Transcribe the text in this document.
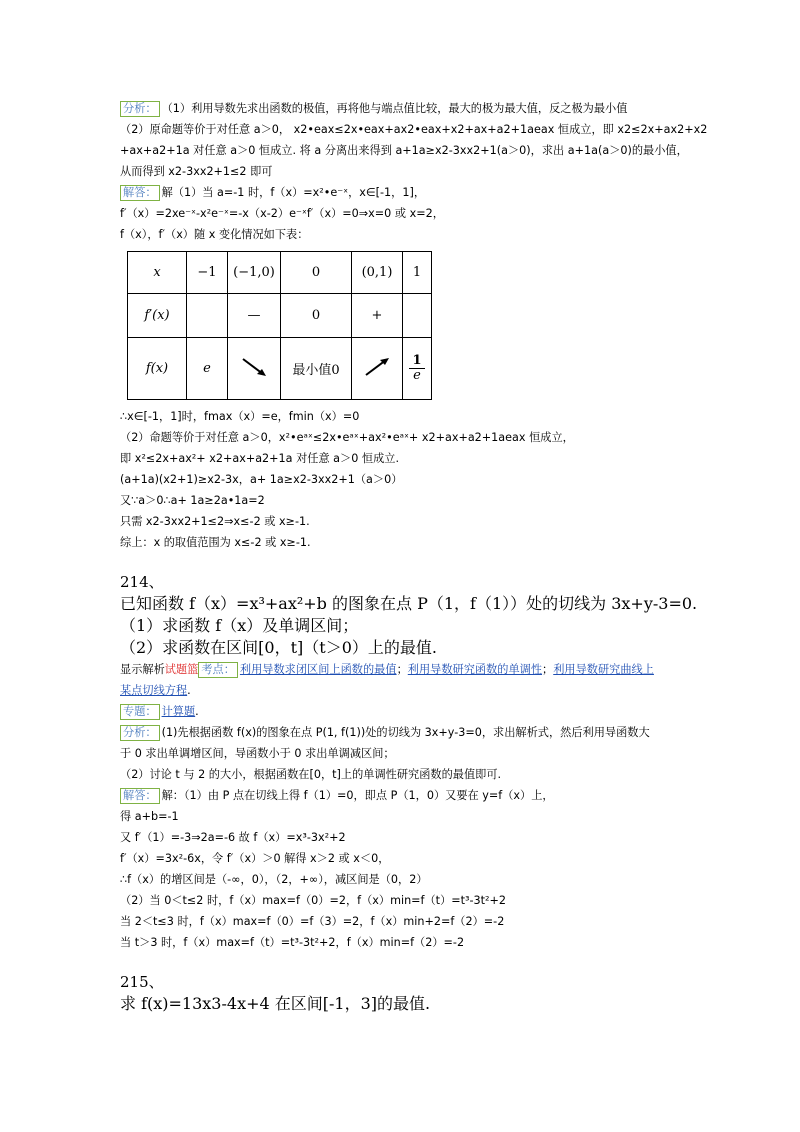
分析： （1）利用导数先求出函数的极值，再将他与端点值比较，最大的极为最大值，反之极为最小值
（2）原命题等价于对任意 a＞0， x2•eax≤2x•eax+ax2•eax+x2+ax+a2+1aeax 恒成立，即 x2≤2x+ax2+x2
+ax+a2+1a 对任意 a＞0 恒成立. 将 a 分离出来得到 a+1a≥x2-3xx2+1(a＞0)，求出 a+1a(a＞0)的最小值，
从而得到 x2-3xx2+1≤2 即可
解答： 解（1）当 a=-1 时，f（x）=x²•e⁻ˣ，x∈[-1，1]，
f′（x）=2xe⁻ˣ-x²e⁻ˣ=-x（x-2）e⁻ˣf′（x）=0⇒x=0 或 x=2，
f（x），f′（x）随 x 变化情况如下表：
x	−1	(−1,0)	0	(0,1)	1
f′(x)		—	0	+	
f(x)	e		最小值0		$\frac{1}{e}$
∴x∈[-1，1]时，fmax（x）=e，fmin（x）=0
（2）命题等价于对任意 a＞0，x²•eᵃˣ≤2x•eᵃˣ+ax²•eᵃˣ+ x2+ax+a2+1aeax 恒成立，
即 x²≤2x+ax²+ x2+ax+a2+1a 对任意 a＞0 恒成立.
(a+1a)(x2+1)≥x2-3x，a+ 1a≥x2-3xx2+1（a＞0）
又∵a＞0∴a+ 1a≥2a•1a=2
只需 x2-3xx2+1≤2⇒x≤-2 或 x≥-1.
综上：x 的取值范围为 x≤-2 或 x≥-1.
214、
已知函数 f（x）=x³+ax²+b 的图象在点 P（1，f（1））处的切线为 3x+y-3=0.
（1）求函数 f（x）及单调区间；
（2）求函数在区间[0，t]（t＞0）上的最值.
显示解析试题篮 考点： 利用导数求闭区间上函数的最值；利用导数研究函数的单调性；利用导数研究曲线上
某点切线方程.
专题： 计算题.
分析： (1)先根据函数 f(x)的图象在点 P(1, f(1))处的切线为 3x+y-3=0，求出解析式，然后利用导函数大
于 0 求出单调增区间，导函数小于 0 求出单调减区间；
（2）讨论 t 与 2 的大小，根据函数在[0，t]上的单调性研究函数的最值即可.
解答： 解：（1）由 P 点在切线上得 f（1）=0，即点 P（1，0）又要在 y=f（x）上，
得 a+b=-1
又 f′（1）=-3⇒2a=-6 故 f（x）=x³-3x²+2
f′（x）=3x²-6x，令 f′（x）＞0 解得 x＞2 或 x＜0，
∴f（x）的增区间是（-∞，0），（2，+∞），减区间是（0，2）
（2）当 0＜t≤2 时，f（x）max=f（0）=2，f（x）min=f（t）=t³-3t²+2
当 2＜t≤3 时，f（x）max=f（0）=f（3）=2，f（x）min+2=f（2）=-2
当 t＞3 时，f（x）max=f（t）=t³-3t²+2，f（x）min=f（2）=-2
215、
求 f(x)=13x3-4x+4 在区间[-1，3]的最值.
